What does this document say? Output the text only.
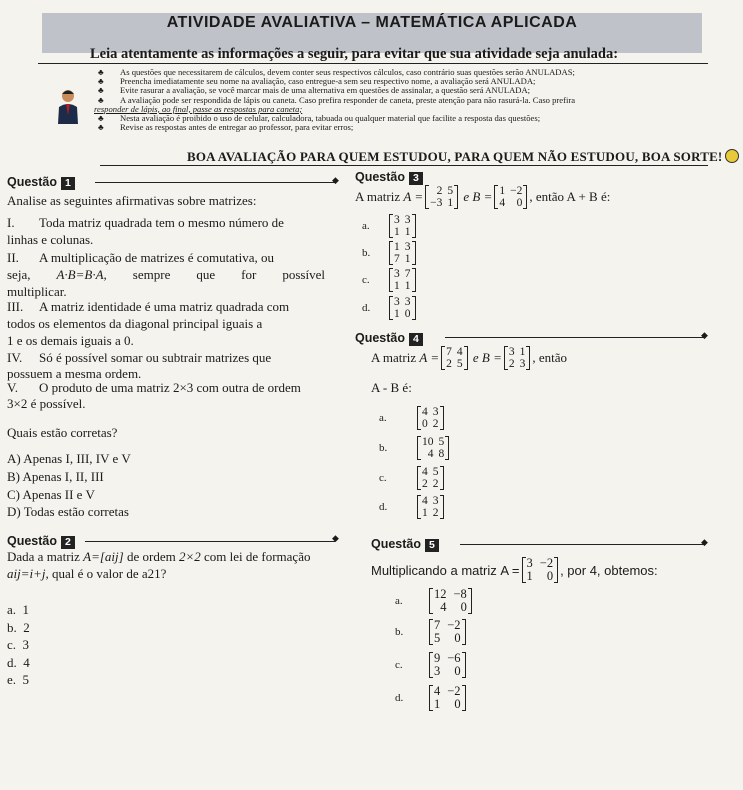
ATIVIDADE AVALIATIVA – MATEMÁTICA APLICADA
Leia atentamente as informações a seguir, para evitar que sua atividade seja anulada:
♣ As questões que necessitarem de cálculos, devem conter seus respectivos cálculos, caso contrário suas questões serão ANULADAS;
♣ Preencha imediatamente seu nome na avaliação, caso entregue-a sem seu respectivo nome, a avaliação será ANULADA;
♣ Evite rasurar a avaliação, se você marcar mais de uma alternativa em questões de assinalar, a questão será ANULADA;
♣ A avaliação pode ser respondida de lápis ou caneta. Caso prefira responder de caneta, preste atenção para não rasurá-la. Caso prefira
responder de lápis, ao final, passe as respostas para caneta;
♣ Nesta avaliação é proibido o uso de celular, calculadora, tabuada ou qualquer material que facilite a resposta das questões;
♣ Revise as respostas antes de entregar ao professor, para evitar erros;
BOA AVALIAÇÃO PARA QUEM ESTUDOU, PARA QUEM NÃO ESTUDOU, BOA SORTE!
Questão 1	◆
Analise as seguintes afirmativas sobre matrizes:
I. Toda matriz quadrada tem o mesmo número de
linhas e colunas.
II. A multiplicação de matrizes é comutativa, ou
seja, A·B=B·A, sempre que for possível
multiplicar.
III. A matriz identidade é uma matriz quadrada com
todos os elementos da diagonal principal iguais a
1 e os demais iguais a 0.
IV. Só é possível somar ou subtrair matrizes que
possuem a mesma ordem.
V. O produto de uma matriz 2×3 com outra de ordem
3×2 é possível.
Quais estão corretas?
A) Apenas I, III, IV e V
B) Apenas I, II, III
C) Apenas II e V
D) Todas estão corretas
Questão 2	◆
Dada a matriz A=[aij] de ordem 2×2 com lei de formação
aij=i+j, qual é o valor de a21?
a. 1
b. 2
c. 3
d. 4
e. 5
Questão 3
A matriz
A =	2 5
−3 1
e
B = 1 −2
4	0 , então A + B é:
a.	3 3
1 1
b.	1 3
7 1
c.	3 7
1 1
d.	3 3
1 0
Questão 4	◆
A matriz
A = 7 4
2 5
e
B = 3 1
2 3 , então
A - B é:
a.	4 3
0 2
b.	10 5
4 8
c.	4 5
2 2
d.	4 3
1 2
Questão 5	◆
Multiplicando a matriz
A = 3 −2
1	0 , por 4, obtemos:
a.	12 −8
4	0
b.	7 −2
5	0
c.	9 −6
3	0
d.	4 −2
1	0
